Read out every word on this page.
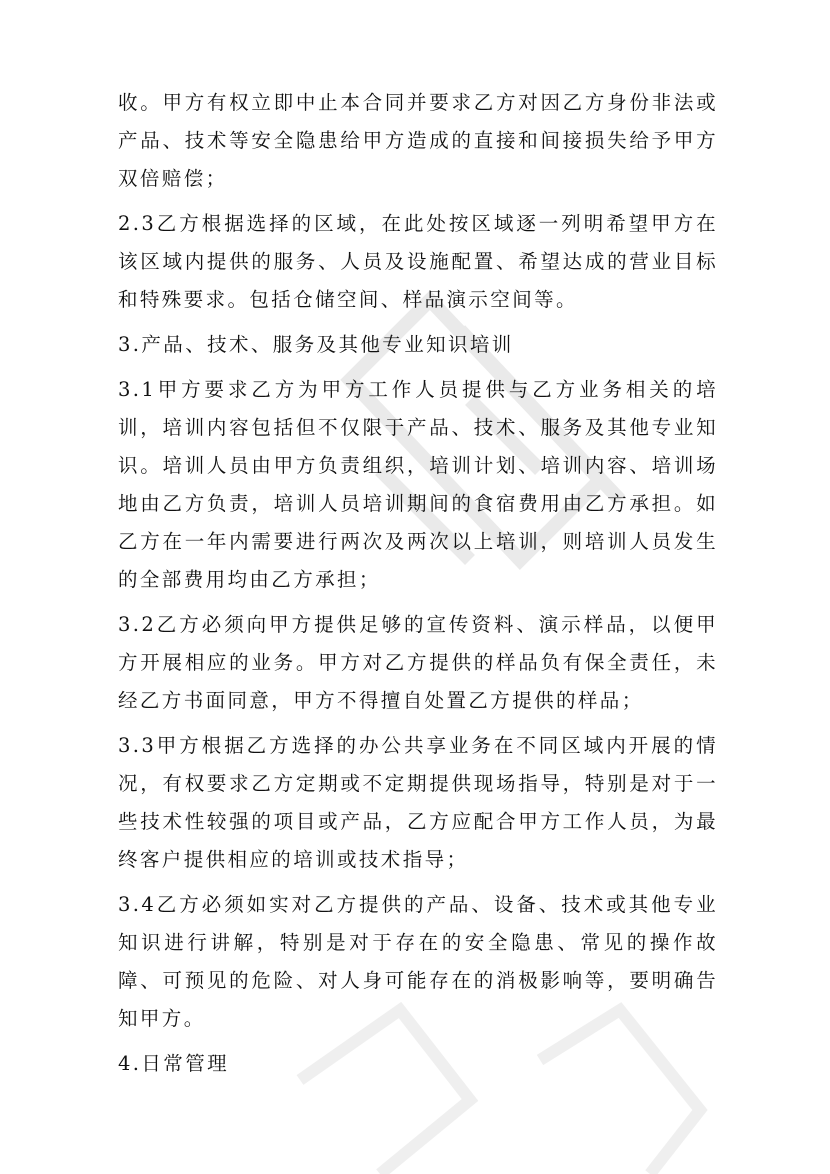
收。甲方有权立即中止本合同并要求乙方对因乙方身份非法或产品、技术等安全隐患给甲方造成的直接和间接损失给予甲方双倍赔偿；

2.3乙方根据选择的区域，在此处按区域逐一列明希望甲方在该区域内提供的服务、人员及设施配置、希望达成的营业目标和特殊要求。包括仓储空间、样品演示空间等。

3.产品、技术、服务及其他专业知识培训

3.1甲方要求乙方为甲方工作人员提供与乙方业务相关的培训，培训内容包括但不仅限于产品、技术、服务及其他专业知识。培训人员由甲方负责组织，培训计划、培训内容、培训场地由乙方负责，培训人员培训期间的食宿费用由乙方承担。如乙方在一年内需要进行两次及两次以上培训，则培训人员发生的全部费用均由乙方承担；

3.2乙方必须向甲方提供足够的宣传资料、演示样品，以便甲方开展相应的业务。甲方对乙方提供的样品负有保全责任，未经乙方书面同意，甲方不得擅自处置乙方提供的样品；

3.3甲方根据乙方选择的办公共享业务在不同区域内开展的情况，有权要求乙方定期或不定期提供现场指导，特别是对于一些技术性较强的项目或产品，乙方应配合甲方工作人员，为最终客户提供相应的培训或技术指导；

3.4乙方必须如实对乙方提供的产品、设备、技术或其他专业知识进行讲解，特别是对于存在的安全隐患、常见的操作故障、可预见的危险、对人身可能存在的消极影响等，要明确告知甲方。

4.日常管理
